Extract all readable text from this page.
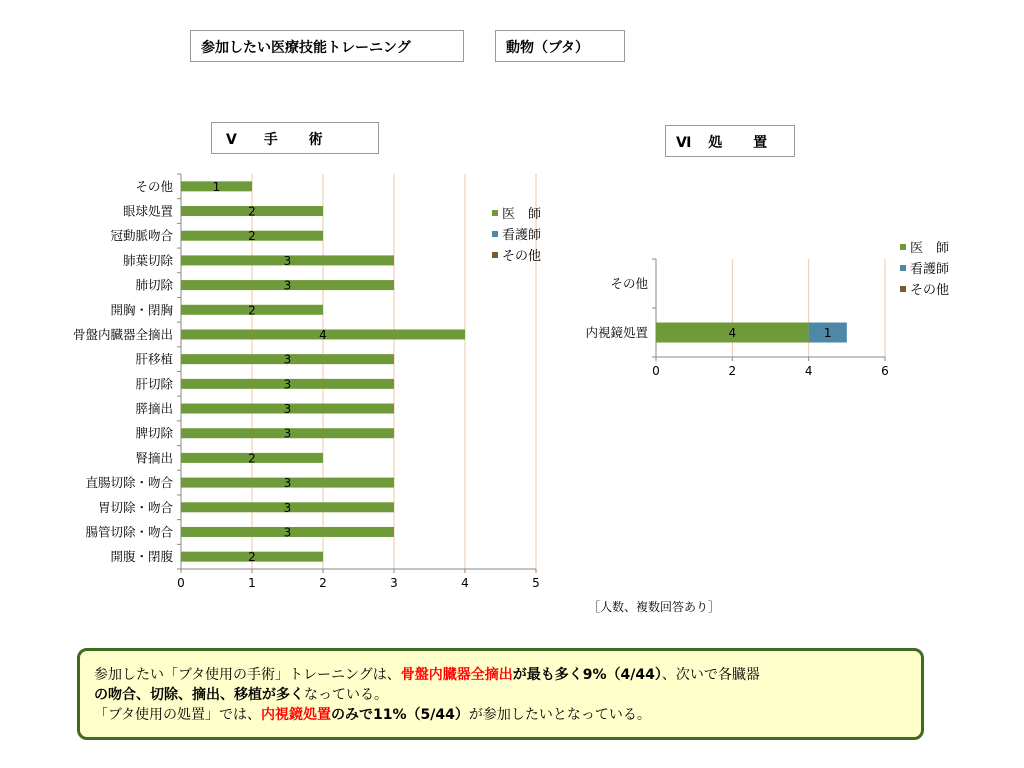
参加したい医療技能トレーニング	動物（ブタ）
Ⅴ 手 術	Ⅵ 処 置
0	1	2	3	4	5
その他	1
眼球処置	2
冠動脈吻合	2
肺葉切除	3
肺切除	3
開胸・閉胸	2
骨盤内臓器全摘出	4
肝移植	3
肝切除	3
膵摘出	3
脾切除	3
腎摘出	2
直腸切除・吻合	3
胃切除・吻合	3
腸管切除・吻合	3
開腹・閉腹	2
0	2	4	6
その他
内視鏡処置	4	1
医　師
看護師
その他
医　師
看護師
その他
［人数、複数回答あり］
参加したい「ブタ使用の手術」トレーニングは、骨盤内臓器全摘出が最も多く9%（4/44）、次いで各臓器
の吻合、切除、摘出、移植が多くなっている。
「ブタ使用の処置」では、内視鏡処置のみで11%（5/44）が参加したいとなっている。
